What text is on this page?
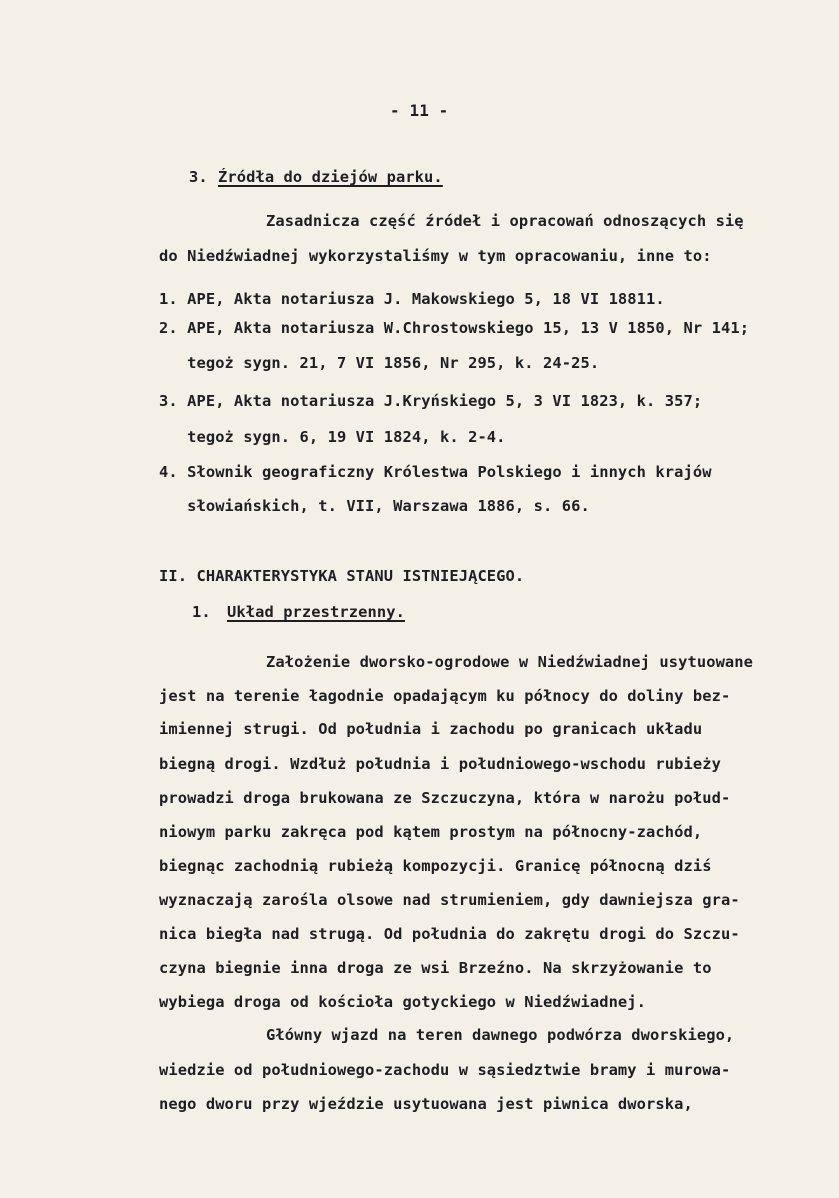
- 11 -
3. Źródła do dziejów parku.
Zasadnicza część źródeł i opracowań odnoszących się
do Niedźwiadnej wykorzystaliśmy w tym opracowaniu, inne to:
1. APE, Akta notariusza J. Makowskiego 5, 18 VI 18811.
2. APE, Akta notariusza W.Chrostowskiego 15, 13 V 1850, Nr 141;
tegoż sygn. 21, 7 VI 1856, Nr 295, k. 24-25.
3. APE, Akta notariusza J.Kryńskiego 5, 3 VI 1823, k. 357;
tegoż sygn. 6, 19 VI 1824, k. 2-4.
4. Słownik geograficzny Królestwa Polskiego i innych krajów
słowiańskich, t. VII, Warszawa 1886, s. 66.
II. CHARAKTERYSTYKA STANU ISTNIEJĄCEGO.
1. Układ przestrzenny.
Założenie dworsko-ogrodowe w Niedźwiadnej usytuowane
jest na terenie łagodnie opadającym ku północy do doliny bez-
imiennej strugi. Od południa i zachodu po granicach układu
biegną drogi. Wzdłuż południa i południowego-wschodu rubieży
prowadzi droga brukowana ze Szczuczyna, która w narożu połud-
niowym parku zakręca pod kątem prostym na północny-zachód,
biegnąc zachodnią rubieżą kompozycji. Granicę północną dziś
wyznaczają zarośla olsowe nad strumieniem, gdy dawniejsza gra-
nica biegła nad strugą. Od południa do zakrętu drogi do Szczu-
czyna biegnie inna droga ze wsi Brzeźno. Na skrzyżowanie to
wybiega droga od kościoła gotyckiego w Niedźwiadnej.
Główny wjazd na teren dawnego podwórza dworskiego,
wiedzie od południowego-zachodu w sąsiedztwie bramy i murowa-
nego dworu przy wjeździe usytuowana jest piwnica dworska,
